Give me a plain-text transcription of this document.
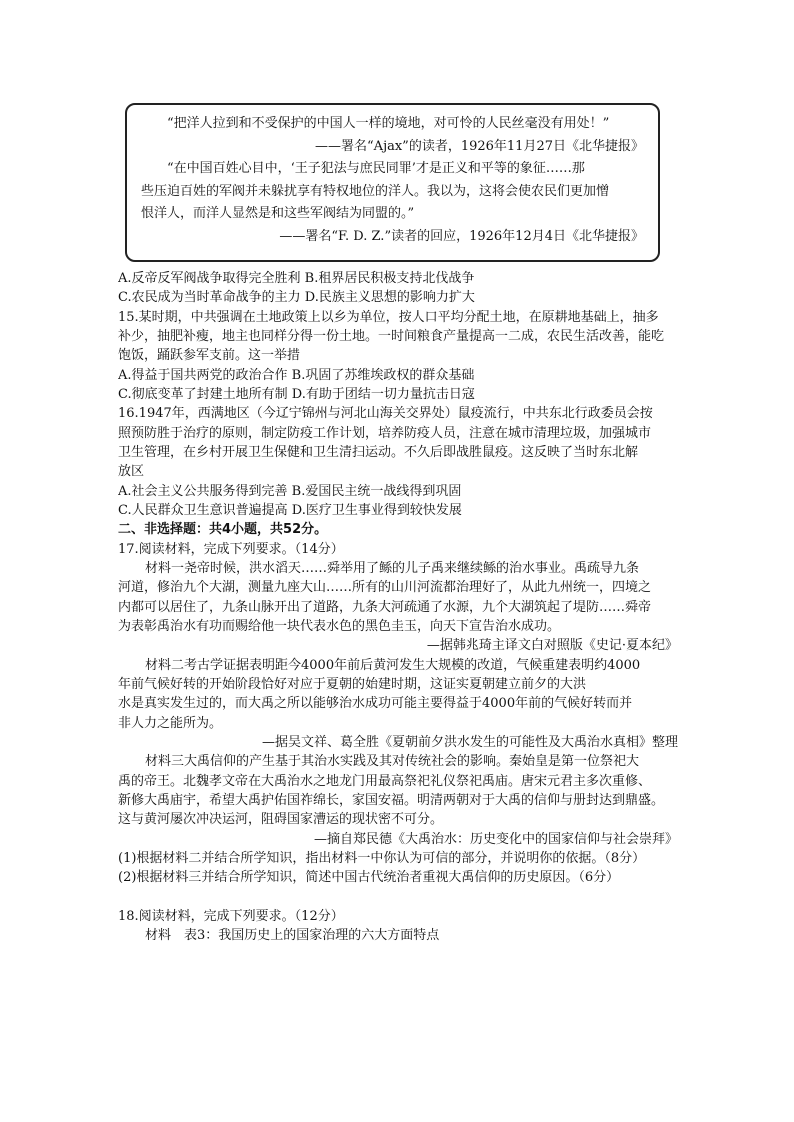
“把洋人拉到和不受保护的中国人一样的境地，对可怜的人民丝毫没有用处！”

——署名“Ajax”的读者，1926年11月27日《北华捷报》

“在中国百姓心目中，‘王子犯法与庶民同罪’才是正义和平等的象征……那

些压迫百姓的军阀并未躲扰享有特权地位的洋人。我以为，这将会使农民们更加憎

恨洋人，而洋人显然是和这些军阀结为同盟的。”

——署名“F. D. Z.”读者的回应，1926年12月4日《北华捷报》

A.反帝反军阀战争取得完全胜利 B.租界居民积极支持北伐战争

C.农民成为当时革命战争的主力 D.民族主义思想的影响力扩大

15.某时期，中共强调在土地政策上以乡为单位，按人口平均分配土地，在原耕地基础上，抽多

补少，抽肥补瘦，地主也同样分得一份土地。一时间粮食产量提高一二成，农民生活改善，能吃

饱饭，踊跃参军支前。这一举措

A.得益于国共两党的政治合作 B.巩固了苏维埃政权的群众基础

C.彻底变革了封建土地所有制 D.有助于团结一切力量抗击日寇

16.1947年，西满地区（今辽宁锦州与河北山海关交界处）鼠疫流行，中共东北行政委员会按

照预防胜于治疗的原则，制定防疫工作计划，培养防疫人员，注意在城市清理垃圾，加强城市

卫生管理，在乡村开展卫生保健和卫生清扫运动。不久后即战胜鼠疫。这反映了当时东北解

放区

A.社会主义公共服务得到完善 B.爱国民主统一战线得到巩固

C.人民群众卫生意识普遍提高 D.医疗卫生事业得到较快发展

二、非选择题：共4小题，共52分。

17.阅读材料，完成下列要求。（14分）

材料一尧帝时候，洪水滔天……舜举用了鲧的儿子禹来继续鲧的治水事业。禹疏导九条

河道，修治九个大湖，测量九座大山……所有的山川河流都治理好了，从此九州统一，四境之

内都可以居住了，九条山脉开出了道路，九条大河疏通了水源，九个大湖筑起了堤防……舜帝

为表彰禹治水有功而赐给他一块代表水色的黑色圭玉，向天下宣告治水成功。

—据韩兆琦主译文白对照版《史记·夏本纪》

材料二考古学证据表明距今4000年前后黄河发生大规模的改道，气候重建表明约4000

年前气候好转的开始阶段恰好对应于夏朝的始建时期，这证实夏朝建立前夕的大洪

水是真实发生过的，而大禹之所以能够治水成功可能主要得益于4000年前的气候好转而并

非人力之能所为。

—据吴文祥、葛全胜《夏朝前夕洪水发生的可能性及大禹治水真相》整理

材料三大禹信仰的产生基于其治水实践及其对传统社会的影响。秦始皇是第一位祭祀大

禹的帝王。北魏孝文帝在大禹治水之地龙门用最高祭祀礼仪祭祀禹庙。唐宋元君主多次重修、

新修大禹庙宇，希望大禹护佑国祚绵长，家国安福。明清两朝对于大禹的信仰与册封达到鼎盛。

这与黄河屡次冲决运河，阻碍国家漕运的现状密不可分。

—摘自郑民德《大禹治水：历史变化中的国家信仰与社会崇拜》

(1)根据材料二并结合所学知识，指出材料一中你认为可信的部分，并说明你的依据。（8分）

(2)根据材料三并结合所学知识，简述中国古代统治者重视大禹信仰的历史原因。（6分）

18.阅读材料，完成下列要求。（12分）

材料　表3：我国历史上的国家治理的六大方面特点
